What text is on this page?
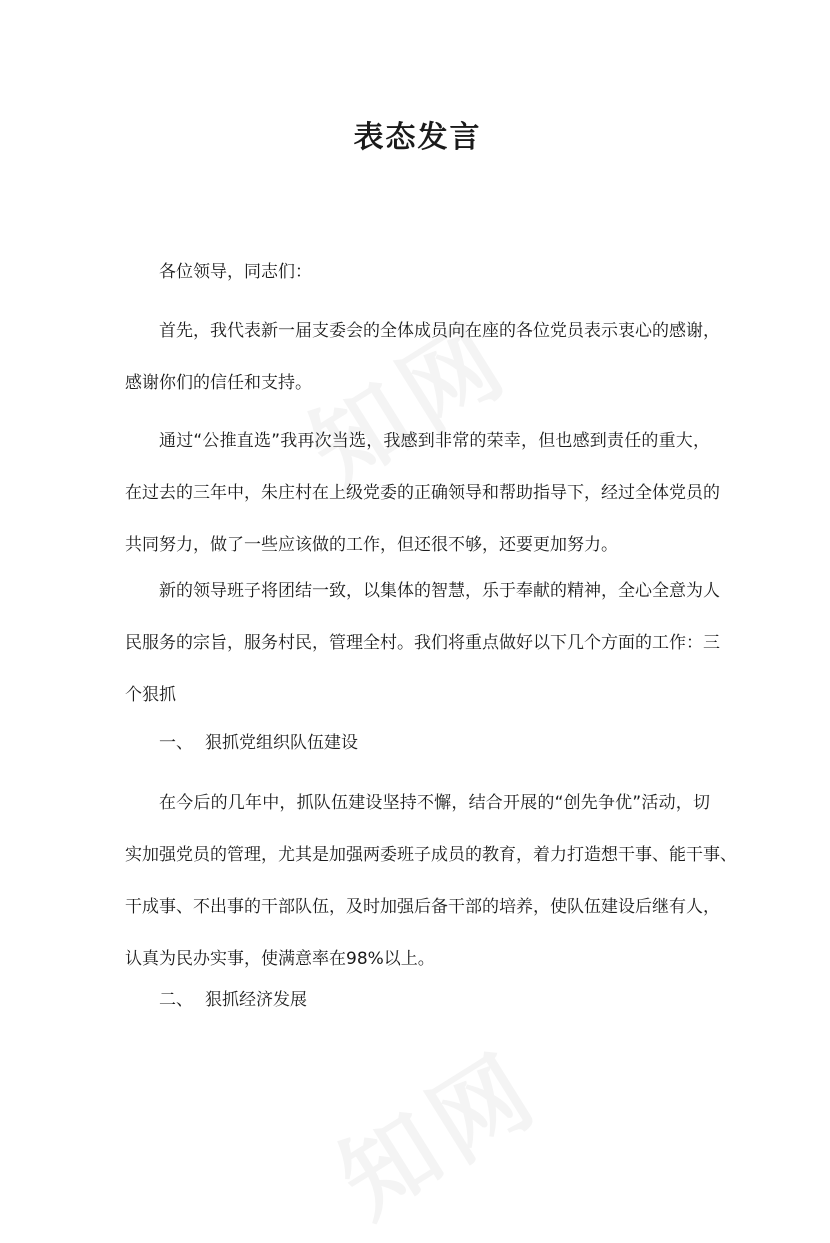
表态发言
各位领导，同志们：
首先，我代表新一届支委会的全体成员向在座的各位党员表示衷心的感谢，
感谢你们的信任和支持。
通过“公推直选”我再次当选，我感到非常的荣幸，但也感到责任的重大，
在过去的三年中，朱庄村在上级党委的正确领导和帮助指导下，经过全体党员的
共同努力，做了一些应该做的工作，但还很不够，还要更加努力。
新的领导班子将团结一致，以集体的智慧，乐于奉献的精神，全心全意为人
民服务的宗旨，服务村民，管理全村。我们将重点做好以下几个方面的工作：三
个狠抓
一、 狠抓党组织队伍建设
在今后的几年中，抓队伍建设坚持不懈，结合开展的“创先争优”活动，切
实加强党员的管理，尤其是加强两委班子成员的教育，着力打造想干事、能干事、
干成事、不出事的干部队伍，及时加强后备干部的培养，使队伍建设后继有人，
认真为民办实事，使满意率在98%以上。
二、 狠抓经济发展
